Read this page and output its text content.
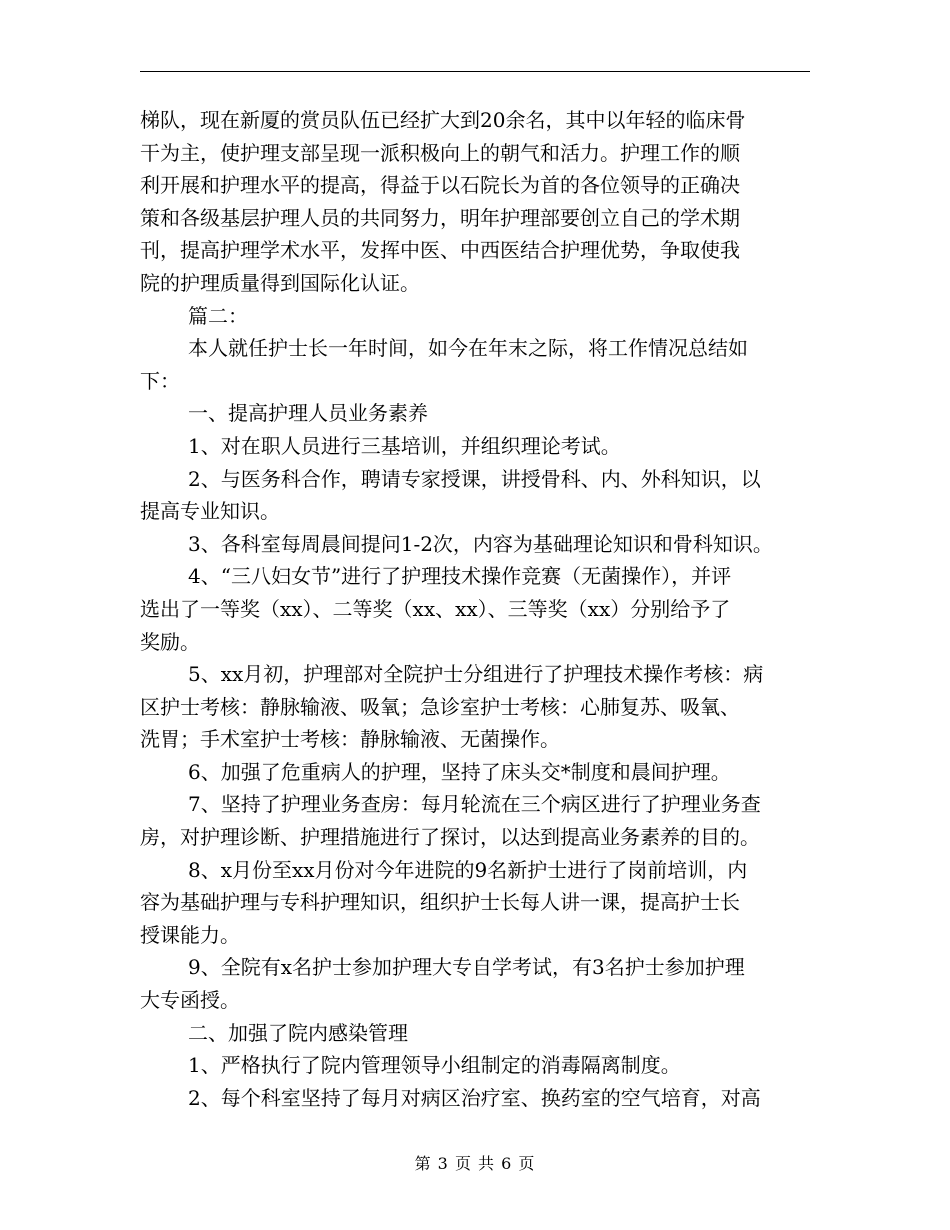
梯队，现在新厦的赏员队伍已经扩大到20余名，其中以年轻的临床骨
干为主，使护理支部呈现一派积极向上的朝气和活力。护理工作的顺
利开展和护理水平的提高，得益于以石院长为首的各位领导的正确决
策和各级基层护理人员的共同努力，明年护理部要创立自己的学术期
刊，提高护理学术水平，发挥中医、中西医结合护理优势，争取使我
院的护理质量得到国际化认证。
篇二：
本人就任护士长一年时间，如今在年末之际，将工作情况总结如
下：
一、提高护理人员业务素养
1、对在职人员进行三基培训，并组织理论考试。
2、与医务科合作，聘请专家授课，讲授骨科、内、外科知识，以
提高专业知识。
3、各科室每周晨间提问1-2次，内容为基础理论知识和骨科知识。
4、“三八妇女节”进行了护理技术操作竞赛（无菌操作），并评
选出了一等奖（xx）、二等奖（xx、xx）、三等奖（xx）分别给予了
奖励。
5、xx月初，护理部对全院护士分组进行了护理技术操作考核：病
区护士考核：静脉输液、吸氧；急诊室护士考核：心肺复苏、吸氧、
洗胃；手术室护士考核：静脉输液、无菌操作。
6、加强了危重病人的护理，坚持了床头交*制度和晨间护理。
7、坚持了护理业务查房：每月轮流在三个病区进行了护理业务查
房，对护理诊断、护理措施进行了探讨，以达到提高业务素养的目的。
8、x月份至xx月份对今年进院的9名新护士进行了岗前培训，内
容为基础护理与专科护理知识，组织护士长每人讲一课，提高护士长
授课能力。
9、全院有x名护士参加护理大专自学考试，有3名护士参加护理
大专函授。
二、加强了院内感染管理
1、严格执行了院内管理领导小组制定的消毒隔离制度。
2、每个科室坚持了每月对病区治疗室、换药室的空气培育，对高
第 3 页 共 6 页
